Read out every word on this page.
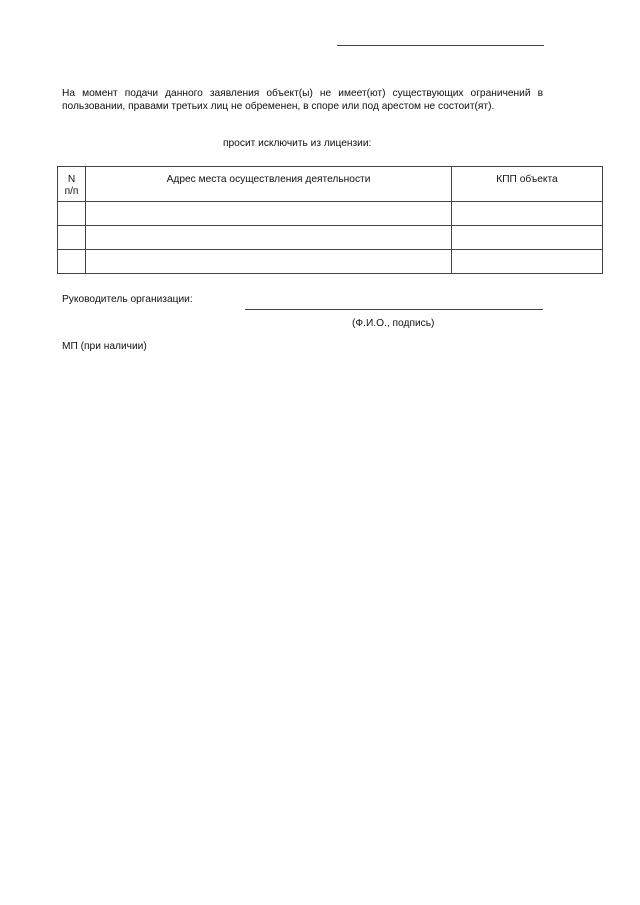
На момент подачи данного заявления объект(ы) не имеет(ют) существующих ограничений в
пользовании, правами третьих лиц не обременен, в споре или под арестом не состоит(ят).
просит исключить из лицензии:
N
п/п	Адрес места осуществления деятельности	КПП объекта

Руководитель организации:
(Ф.И.О., подпись)
МП (при наличии)
